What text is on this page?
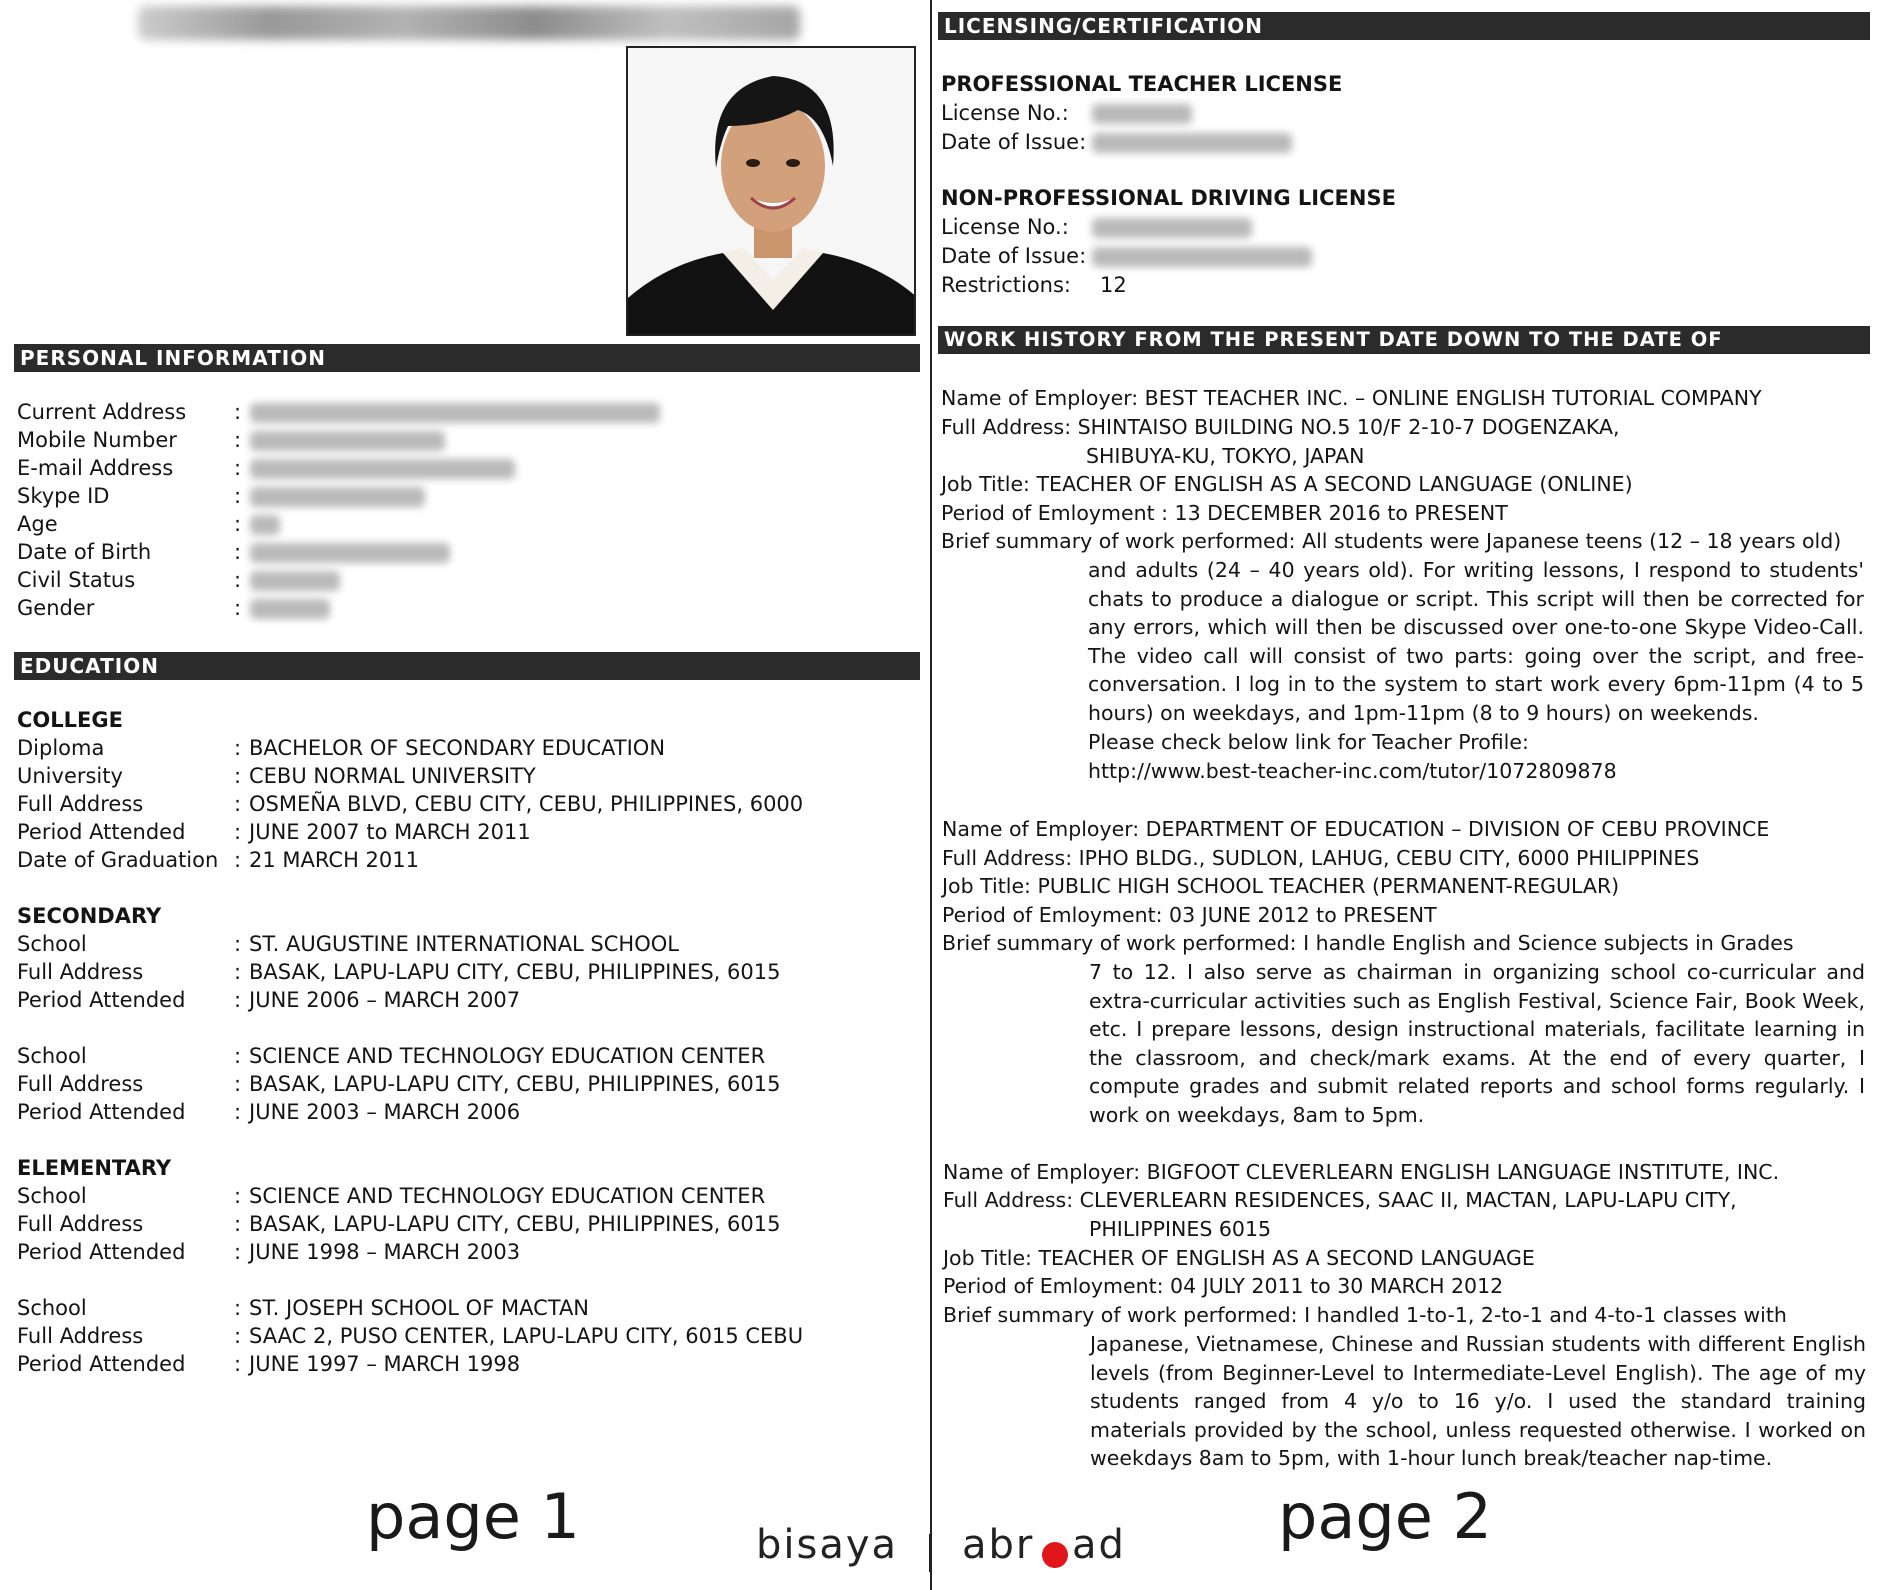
PERSONAL INFORMATION
Current Address
Mobile Number
E-mail Address
Skype ID
Age
Date of Birth
Civil Status
Gender
:
:
:
:
:
:
:
:
EDUCATION
COLLEGE
Diploma
University
Full Address
Period Attended
Date of Graduation
:
:
:
:
:
BACHELOR OF SECONDARY EDUCATION
CEBU NORMAL UNIVERSITY
OSMEÑA BLVD, CEBU CITY, CEBU, PHILIPPINES, 6000
JUNE 2007 to MARCH 2011
21 MARCH 2011
SECONDARY
School
Full Address
Period Attended
School
Full Address
Period Attended
:
:
:
:
:
:
ST. AUGUSTINE INTERNATIONAL SCHOOL
BASAK, LAPU-LAPU CITY, CEBU, PHILIPPINES, 6015
JUNE 2006 – MARCH 2007
SCIENCE AND TECHNOLOGY EDUCATION CENTER
BASAK, LAPU-LAPU CITY, CEBU, PHILIPPINES, 6015
JUNE 2003 – MARCH 2006
ELEMENTARY
School
Full Address
Period Attended
School
Full Address
Period Attended
:
:
:
:
:
:
SCIENCE AND TECHNOLOGY EDUCATION CENTER
BASAK, LAPU-LAPU CITY, CEBU, PHILIPPINES, 6015
JUNE 1998 – MARCH 2003
ST. JOSEPH SCHOOL OF MACTAN
SAAC 2, PUSO CENTER, LAPU-LAPU CITY, 6015 CEBU
JUNE 1997 – MARCH 1998
page 1
LICENSING/CERTIFICATION
PROFESSIONAL TEACHER LICENSE
License No.:
Date of Issue:
NON-PROFESSIONAL DRIVING LICENSE
License No.:
Date of Issue:
Restrictions: 12
WORK HISTORY FROM THE PRESENT DATE DOWN TO THE DATE OF GRADUATION
Name of Employer: BEST TEACHER INC. – ONLINE ENGLISH TUTORIAL COMPANY
Full Address: SHINTAISO BUILDING NO.5 10/F 2-10-7 DOGENZAKA,
SHIBUYA-KU, TOKYO, JAPAN
Job Title: TEACHER OF ENGLISH AS A SECOND LANGUAGE (ONLINE)
Period of Emloyment : 13 DECEMBER 2016 to PRESENT
Brief summary of work performed: All students were Japanese teens (12 – 18 years old)
and adults (24 – 40 years old). For writing lessons, I respond to students' chats to produce a dialogue or script. This script will then be corrected for any errors, which will then be discussed over one-to-one Skype Video-Call. The video call will consist of two parts: going over the script, and free-conversation. I log in to the system to start work every 6pm-11pm (4 to 5 hours) on weekdays, and 1pm-11pm (8 to 9 hours) on weekends.
Please check below link for Teacher Profile:
http://www.best-teacher-inc.com/tutor/1072809878
Name of Employer: DEPARTMENT OF EDUCATION – DIVISION OF CEBU PROVINCE
Full Address: IPHO BLDG., SUDLON, LAHUG, CEBU CITY, 6000 PHILIPPINES
Job Title: PUBLIC HIGH SCHOOL TEACHER (PERMANENT-REGULAR)
Period of Emloyment: 03 JUNE 2012 to PRESENT
Brief summary of work performed: I handle English and Science subjects in Grades
7 to 12. I also serve as chairman in organizing school co-curricular and extra-curricular activities such as English Festival, Science Fair, Book Week, etc. I prepare lessons, design instructional materials, facilitate learning in the classroom, and check/mark exams. At the end of every quarter, I compute grades and submit related reports and school forms regularly. I work on weekdays, 8am to 5pm.
Name of Employer: BIGFOOT CLEVERLEARN ENGLISH LANGUAGE INSTITUTE, INC.
Full Address: CLEVERLEARN RESIDENCES, SAAC II, MACTAN, LAPU-LAPU CITY,
PHILIPPINES 6015
Job Title: TEACHER OF ENGLISH AS A SECOND LANGUAGE
Period of Emloyment: 04 JULY 2011 to 30 MARCH 2012
Brief summary of work performed: I handled 1-to-1, 2-to-1 and 4-to-1 classes with
Japanese, Vietnamese, Chinese and Russian students with different English levels (from Beginner-Level to Intermediate-Level English). The age of my students ranged from 4 y/o to 16 y/o. I used the standard training materials provided by the school, unless requested otherwise. I worked on weekdays 8am to 5pm, with 1-hour lunch break/teacher nap-time.
page 2
bisaya abr ad
